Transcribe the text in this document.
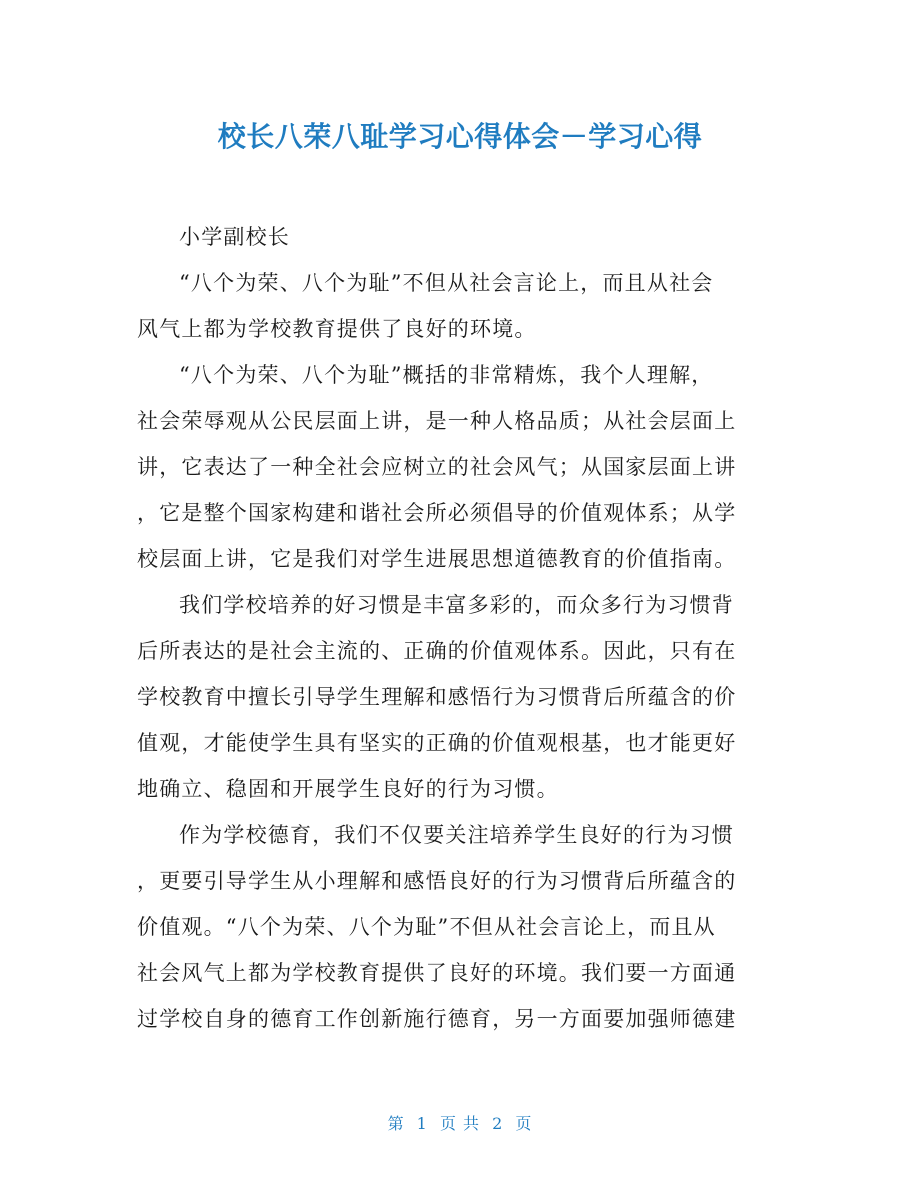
校长八荣八耻学习心得体会－学习心得
小学副校长
“八个为荣、八个为耻”不但从社会言论上，而且从社会
风气上都为学校教育提供了良好的环境。
“八个为荣、八个为耻”概括的非常精炼，我个人理解，
社会荣辱观从公民层面上讲，是一种人格品质；从社会层面上
讲，它表达了一种全社会应树立的社会风气；从国家层面上讲
，它是整个国家构建和谐社会所必须倡导的价值观体系；从学
校层面上讲，它是我们对学生进展思想道德教育的价值指南。
我们学校培养的好习惯是丰富多彩的，而众多行为习惯背
后所表达的是社会主流的、正确的价值观体系。因此，只有在
学校教育中擅长引导学生理解和感悟行为习惯背后所蕴含的价
值观，才能使学生具有坚实的正确的价值观根基，也才能更好
地确立、稳固和开展学生良好的行为习惯。
作为学校德育，我们不仅要关注培养学生良好的行为习惯
，更要引导学生从小理解和感悟良好的行为习惯背后所蕴含的
价值观。“八个为荣、八个为耻”不但从社会言论上，而且从
社会风气上都为学校教育提供了良好的环境。我们要一方面通
过学校自身的德育工作创新施行德育，另一方面要加强师德建
第 1 页 共 2 页
